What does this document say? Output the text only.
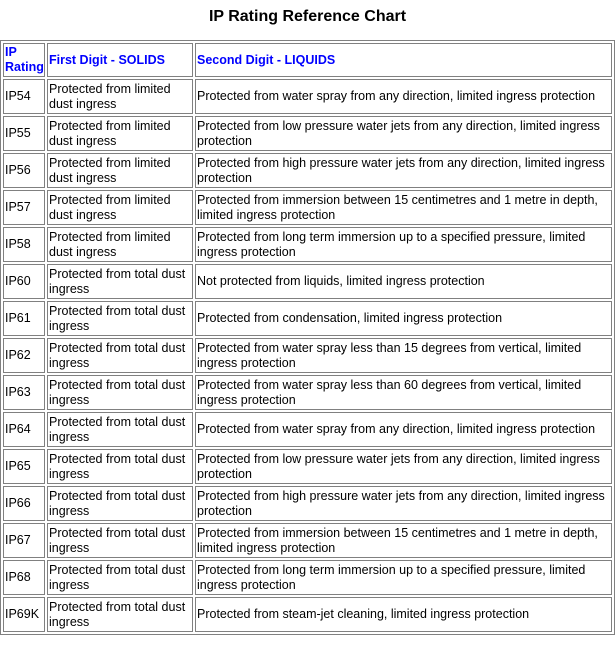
IP Rating Reference Chart
IP Rating	First Digit - SOLIDS	Second Digit - LIQUIDS
IP54	Protected from limited dust ingress	Protected from water spray from any direction, limited ingress protection
IP55	Protected from limited dust ingress	Protected from low pressure water jets from any direction, limited ingress protection
IP56	Protected from limited dust ingress	Protected from high pressure water jets from any direction, limited ingress protection
IP57	Protected from limited dust ingress	Protected from immersion between 15 centimetres and 1 metre in depth, limited ingress protection
IP58	Protected from limited dust ingress	Protected from long term immersion up to a specified pressure, limited ingress protection
IP60	Protected from total dust ingress	Not protected from liquids, limited ingress protection
IP61	Protected from total dust ingress	Protected from condensation, limited ingress protection
IP62	Protected from total dust ingress	Protected from water spray less than 15 degrees from vertical, limited ingress protection
IP63	Protected from total dust ingress	Protected from water spray less than 60 degrees from vertical, limited ingress protection
IP64	Protected from total dust ingress	Protected from water spray from any direction, limited ingress protection
IP65	Protected from total dust ingress	Protected from low pressure water jets from any direction, limited ingress protection
IP66	Protected from total dust ingress	Protected from high pressure water jets from any direction, limited ingress protection
IP67	Protected from total dust ingress	Protected from immersion between 15 centimetres and 1 metre in depth, limited ingress protection
IP68	Protected from total dust ingress	Protected from long term immersion up to a specified pressure, limited ingress protection
IP69K	Protected from total dust ingress	Protected from steam-jet cleaning, limited ingress protection
